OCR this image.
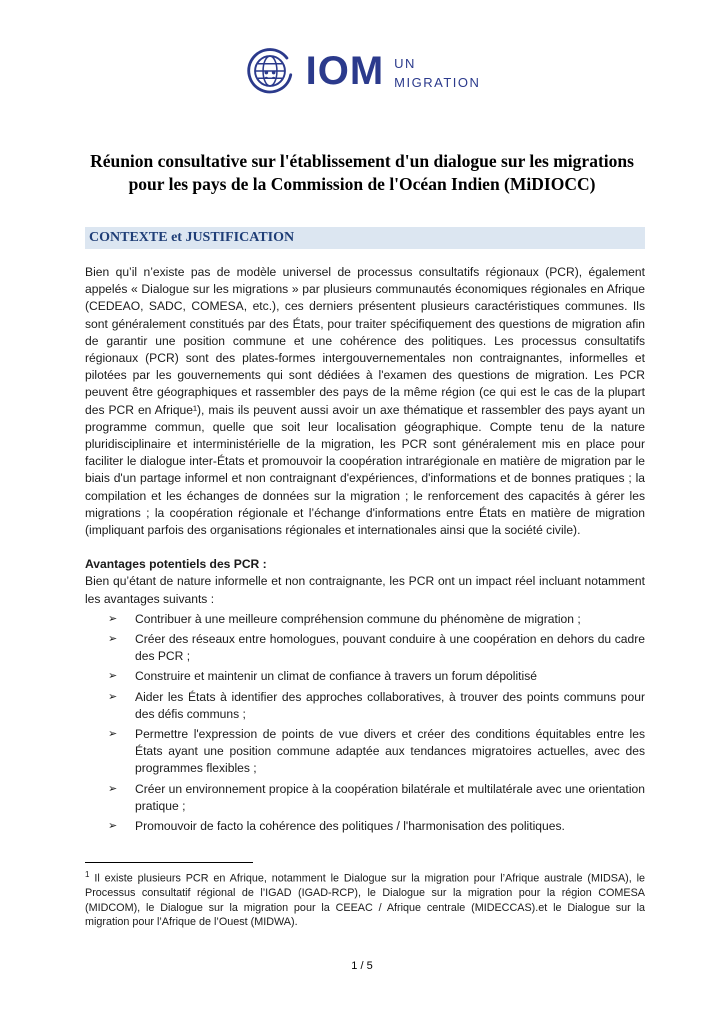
IOM UN
MIGRATION
Réunion consultative sur l'établissement d'un dialogue sur les migrations
pour les pays de la Commission de l'Océan Indien (MiDIOCC)
CONTEXTE et JUSTIFICATION

Bien qu’il n’existe pas de modèle universel de processus consultatifs régionaux (PCR), également appelés « Dialogue sur les migrations » par plusieurs communautés économiques régionales en Afrique (CEDEAO, SADC, COMESA, etc.), ces derniers présentent plusieurs caractéristiques communes. Ils sont généralement constitués par des États, pour traiter spécifiquement des questions de migration afin de garantir une position commune et une cohérence des politiques. Les processus consultatifs régionaux (PCR) sont des plates-formes intergouvernementales non contraignantes, informelles et pilotées par les gouvernements qui sont dédiées à l'examen des questions de migration. Les PCR peuvent être géographiques et rassembler des pays de la même région (ce qui est le cas de la plupart des PCR en Afrique¹), mais ils peuvent aussi avoir un axe thématique et rassembler des pays ayant un programme commun, quelle que soit leur localisation géographique. Compte tenu de la nature pluridisciplinaire et interministérielle de la migration, les PCR sont généralement mis en place pour faciliter le dialogue inter-États et promouvoir la coopération intrarégionale en matière de migration par le biais d'un partage informel et non contraignant d'expériences, d'informations et de bonnes pratiques ; la compilation et les échanges de données sur la migration ; le renforcement des capacités à gérer les migrations ; la coopération régionale et l’échange d'informations entre États en matière de migration (impliquant parfois des organisations régionales et internationales ainsi que la société civile).

Avantages potentiels des PCR :

Bien qu’étant de nature informelle et non contraignante, les PCR ont un impact réel incluant notamment les avantages suivants :

➢ Contribuer à une meilleure compréhension commune du phénomène de migration ;
➢ Créer des réseaux entre homologues, pouvant conduire à une coopération en dehors du cadre des PCR ;
➢ Construire et maintenir un climat de confiance à travers un forum dépolitisé
➢ Aider les États à identifier des approches collaboratives, à trouver des points communs pour des défis communs ;
➢ Permettre l'expression de points de vue divers et créer des conditions équitables entre les États ayant une position commune adaptée aux tendances migratoires actuelles, avec des programmes flexibles ;
➢ Créer un environnement propice à la coopération bilatérale et multilatérale avec une orientation pratique ;
➢ Promouvoir de facto la cohérence des politiques / l'harmonisation des politiques.

$^1$ Il existe plusieurs PCR en Afrique, notamment le Dialogue sur la migration pour l’Afrique australe (MIDSA), le Processus consultatif régional de l’IGAD (IGAD-RCP), le Dialogue sur la migration pour la région COMESA (MIDCOM), le Dialogue sur la migration pour la CEEAC / Afrique centrale (MIDECCAS).et le Dialogue sur la migration pour l’Afrique de l’Ouest (MIDWA).

1 / 5
